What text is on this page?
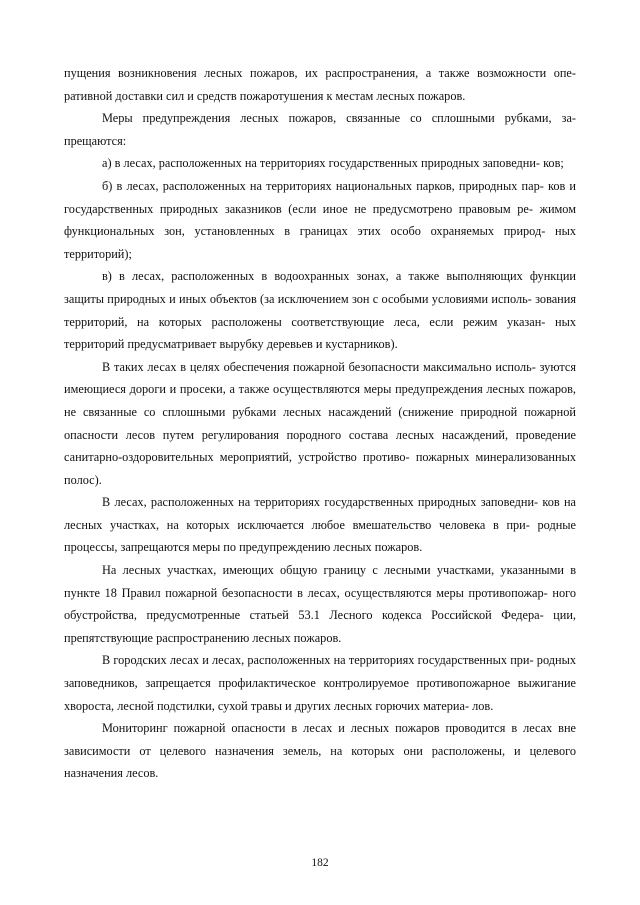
пущения возникновения лесных пожаров, их распространения, а также возможности опе- ративной доставки сил и средств пожаротушения к местам лесных пожаров.

Меры предупреждения лесных пожаров, связанные со сплошными рубками, за- прещаются:

а) в лесах, расположенных на территориях государственных природных заповедни- ков;

б) в лесах, расположенных на территориях национальных парков, природных пар- ков и государственных природных заказников (если иное не предусмотрено правовым ре- жимом функциональных зон, установленных в границах этих особо охраняемых природ- ных территорий);

в) в лесах, расположенных в водоохранных зонах, а также выполняющих функции защиты природных и иных объектов (за исключением зон с особыми условиями исполь- зования территорий, на которых расположены соответствующие леса, если режим указан- ных территорий предусматривает вырубку деревьев и кустарников).

В таких лесах в целях обеспечения пожарной безопасности максимально исполь- зуются имеющиеся дороги и просеки, а также осуществляются меры предупреждения лесных пожаров, не связанные со сплошными рубками лесных насаждений (снижение природной пожарной опасности лесов путем регулирования породного состава лесных насаждений, проведение санитарно-оздоровительных мероприятий, устройство противо- пожарных минерализованных полос).

В лесах, расположенных на территориях государственных природных заповедни- ков на лесных участках, на которых исключается любое вмешательство человека в при- родные процессы, запрещаются меры по предупреждению лесных пожаров.

На лесных участках, имеющих общую границу с лесными участками, указанными в пункте 18 Правил пожарной безопасности в лесах, осуществляются меры противопожар- ного обустройства, предусмотренные статьей 53.1 Лесного кодекса Российской Федера- ции, препятствующие распространению лесных пожаров.

В городских лесах и лесах, расположенных на территориях государственных при- родных заповедников, запрещается профилактическое контролируемое противопожарное выжигание хвороста, лесной подстилки, сухой травы и других лесных горючих материа- лов.

Мониторинг пожарной опасности в лесах и лесных пожаров проводится в лесах вне зависимости от целевого назначения земель, на которых они расположены, и целевого назначения лесов.

182
